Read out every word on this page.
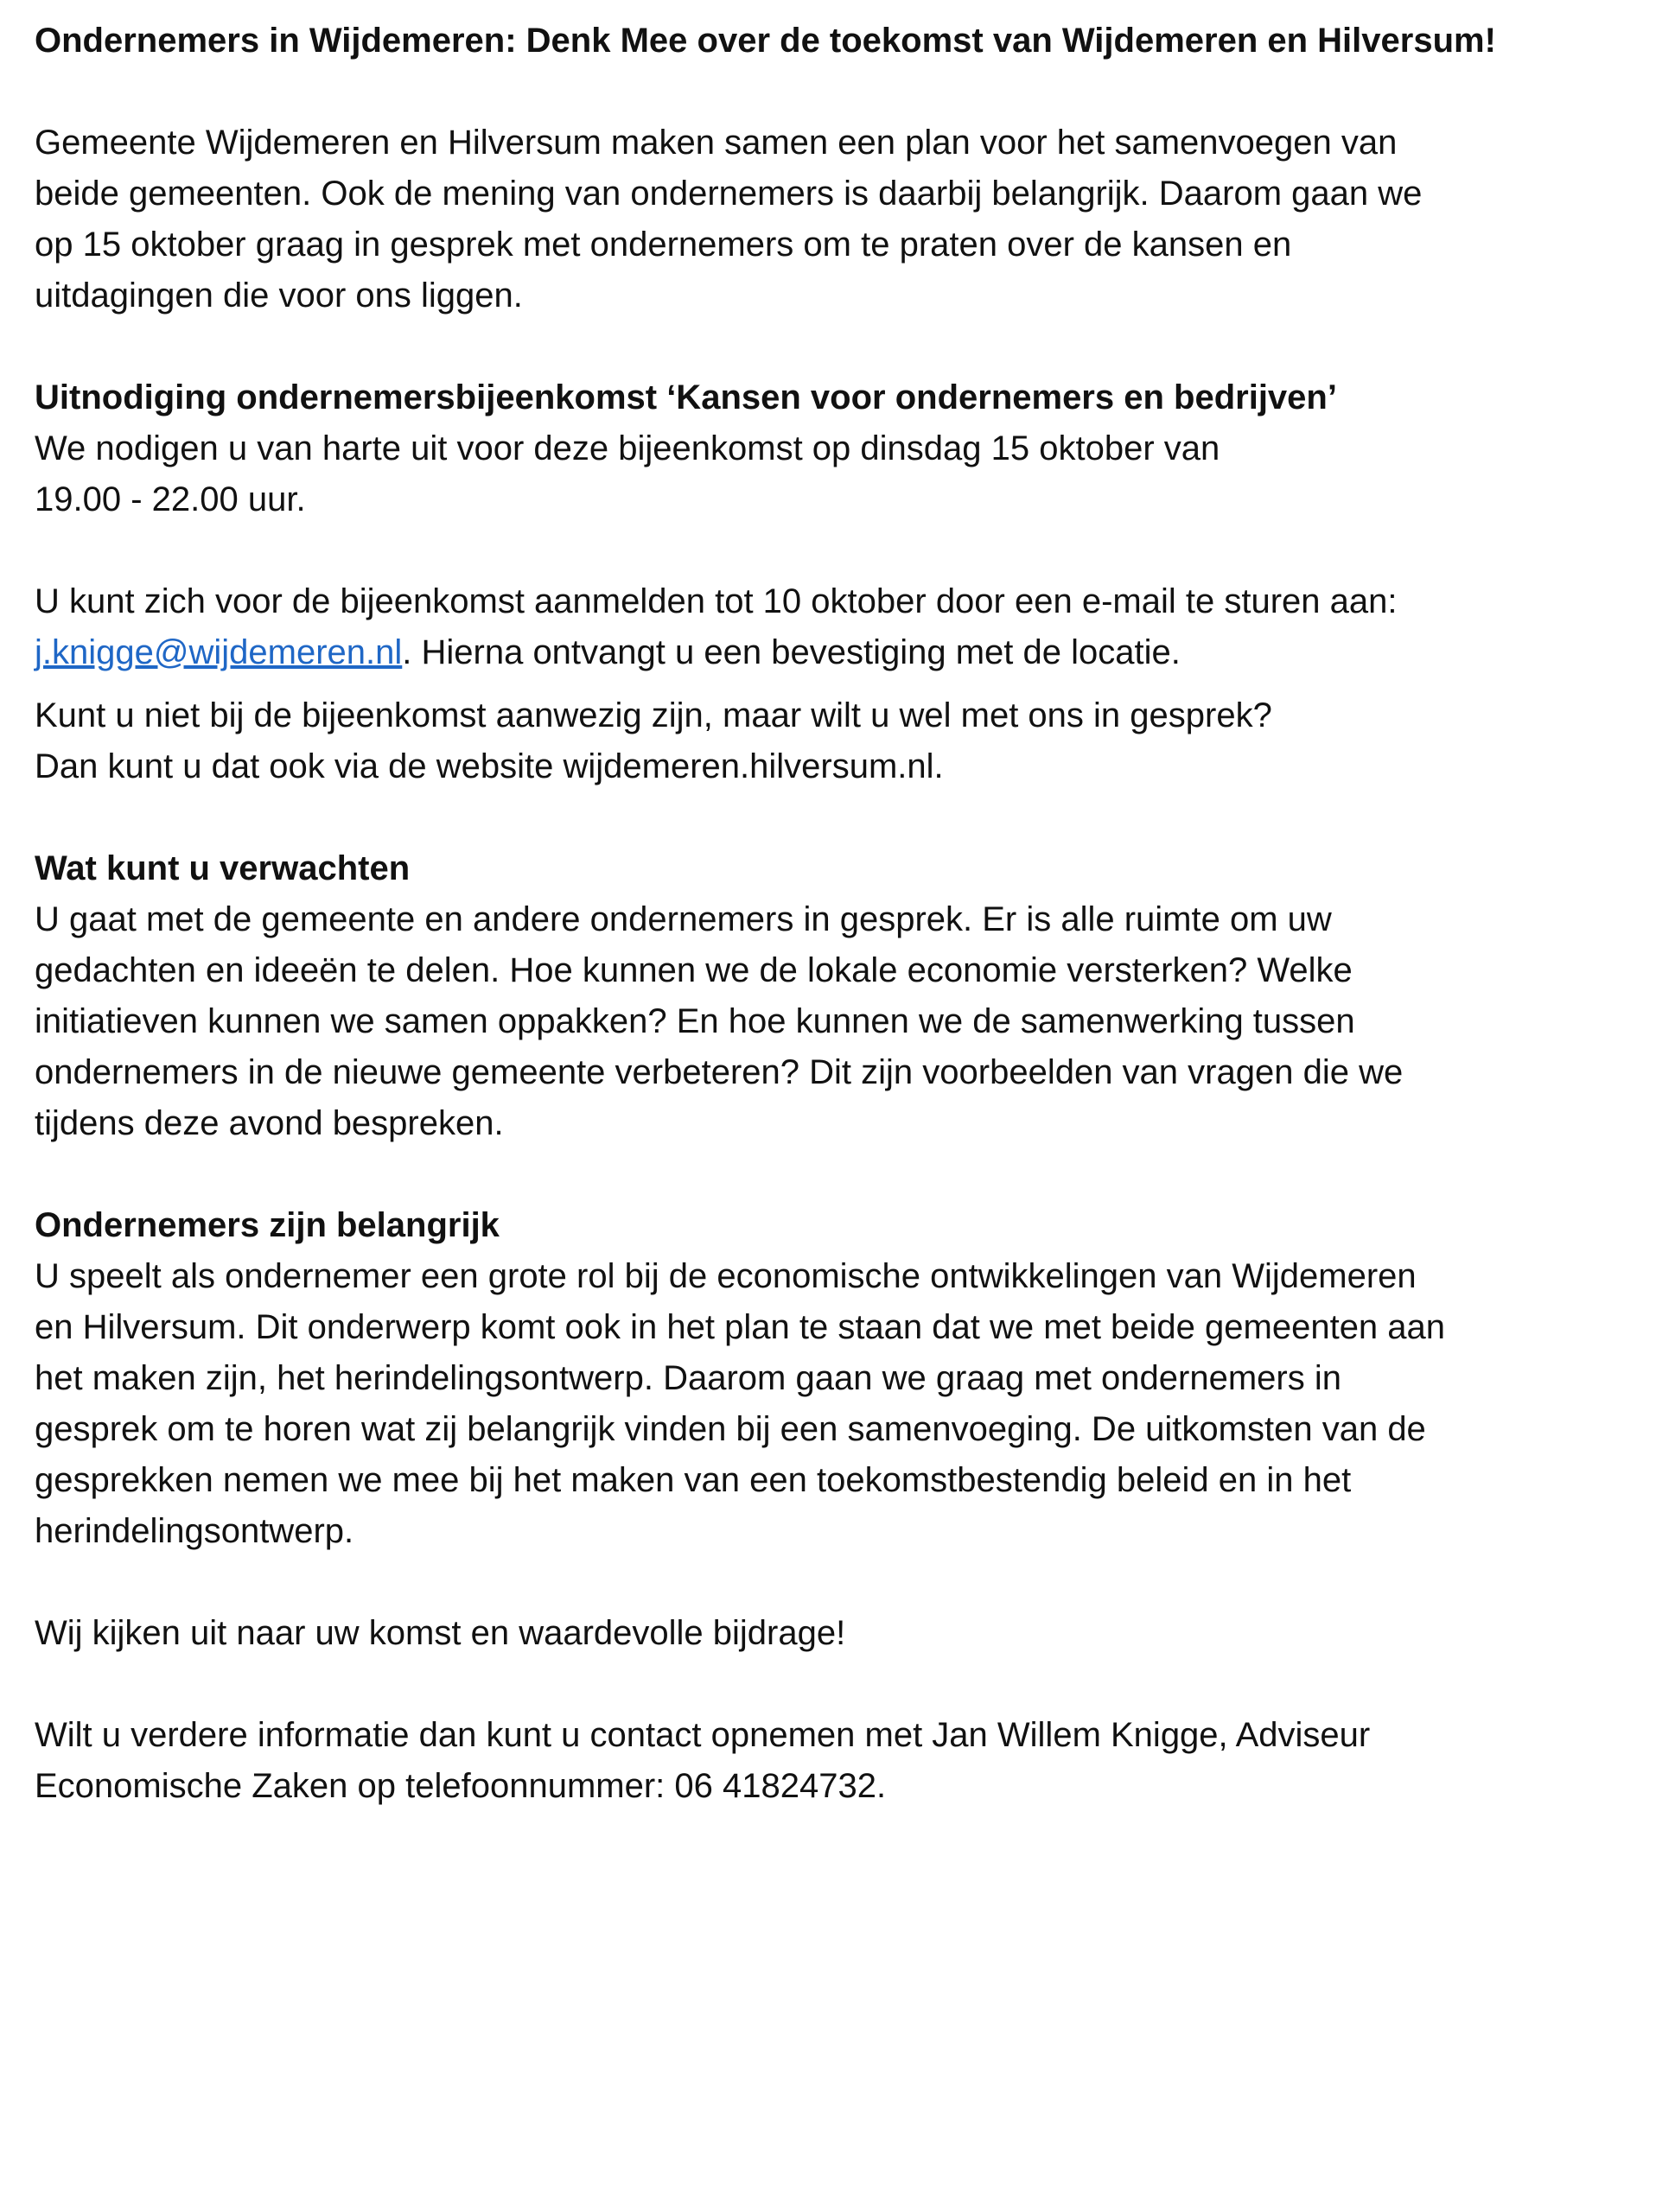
Ondernemers in Wijdemeren: Denk Mee over de toekomst van Wijdemeren en Hilversum!
Gemeente Wijdemeren en Hilversum maken samen een plan voor het samenvoegen van
beide gemeenten. Ook de mening van ondernemers is daarbij belangrijk. Daarom gaan we
op 15 oktober graag in gesprek met ondernemers om te praten over de kansen en
uitdagingen die voor ons liggen.
Uitnodiging ondernemersbijeenkomst ‘Kansen voor ondernemers en bedrijven’
We nodigen u van harte uit voor deze bijeenkomst op dinsdag 15 oktober van
19.00 - 22.00 uur.
U kunt zich voor de bijeenkomst aanmelden tot 10 oktober door een e-mail te sturen aan:
j.knigge@wijdemeren.nl. Hierna ontvangt u een bevestiging met de locatie.
Kunt u niet bij de bijeenkomst aanwezig zijn, maar wilt u wel met ons in gesprek?
Dan kunt u dat ook via de website wijdemeren.hilversum.nl.
Wat kunt u verwachten
U gaat met de gemeente en andere ondernemers in gesprek. Er is alle ruimte om uw
gedachten en ideeën te delen. Hoe kunnen we de lokale economie versterken? Welke
initiatieven kunnen we samen oppakken? En hoe kunnen we de samenwerking tussen
ondernemers in de nieuwe gemeente verbeteren? Dit zijn voorbeelden van vragen die we
tijdens deze avond bespreken.
Ondernemers zijn belangrijk
U speelt als ondernemer een grote rol bij de economische ontwikkelingen van Wijdemeren
en Hilversum. Dit onderwerp komt ook in het plan te staan dat we met beide gemeenten aan
het maken zijn, het herindelingsontwerp. Daarom gaan we graag met ondernemers in
gesprek om te horen wat zij belangrijk vinden bij een samenvoeging. De uitkomsten van de
gesprekken nemen we mee bij het maken van een toekomstbestendig beleid en in het
herindelingsontwerp.
Wij kijken uit naar uw komst en waardevolle bijdrage!
Wilt u verdere informatie dan kunt u contact opnemen met Jan Willem Knigge, Adviseur
Economische Zaken op telefoonnummer: 06 41824732.
